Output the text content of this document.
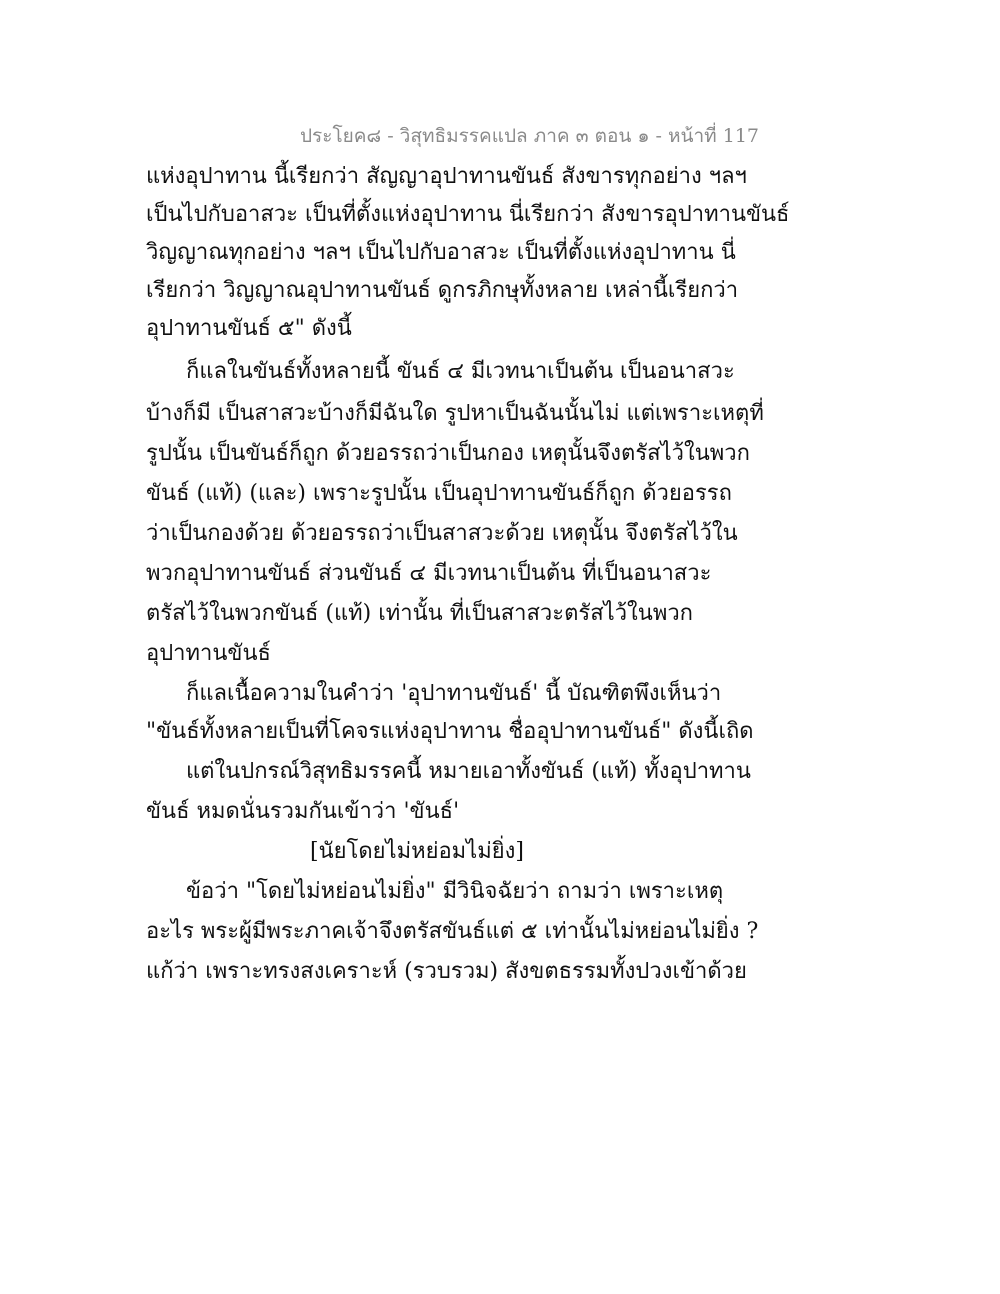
ประโยค๘ - วิสุทธิมรรคแปล ภาค ๓ ตอน ๑ - หน้าที่ 117
แห่งอุปาทาน นี้เรียกว่า สัญญาอุปาทานขันธ์ สังขารทุกอย่าง ฯลฯ
เป็นไปกับอาสวะ เป็นที่ตั้งแห่งอุปาทาน นี่เรียกว่า สังขารอุปาทานขันธ์
วิญญาณทุกอย่าง ฯลฯ เป็นไปกับอาสวะ เป็นที่ตั้งแห่งอุปาทาน นี่
เรียกว่า วิญญาณอุปาทานขันธ์ ดูกรภิกษุทั้งหลาย เหล่านี้เรียกว่า
อุปาทานขันธ์ ๕" ดังนี้
ก็แลในขันธ์ทั้งหลายนี้ ขันธ์ ๔ มีเวทนาเป็นต้น เป็นอนาสวะ
บ้างก็มี เป็นสาสวะบ้างก็มีฉันใด รูปหาเป็นฉันนั้นไม่ แต่เพราะเหตุที่
รูปนั้น เป็นขันธ์ก็ถูก ด้วยอรรถว่าเป็นกอง เหตุนั้นจึงตรัสไว้ในพวก
ขันธ์ (แท้) (และ) เพราะรูปนั้น เป็นอุปาทานขันธ์ก็ถูก ด้วยอรรถ
ว่าเป็นกองด้วย ด้วยอรรถว่าเป็นสาสวะด้วย เหตุนั้น จึงตรัสไว้ใน
พวกอุปาทานขันธ์ ส่วนขันธ์ ๔ มีเวทนาเป็นต้น ที่เป็นอนาสวะ
ตรัสไว้ในพวกขันธ์ (แท้) เท่านั้น ที่เป็นสาสวะตรัสไว้ในพวก
อุปาทานขันธ์
ก็แลเนื้อความในคำว่า 'อุปาทานขันธ์' นี้ บัณฑิตพึงเห็นว่า
"ขันธ์ทั้งหลายเป็นที่โคจรแห่งอุปาทาน ชื่ออุปาทานขันธ์" ดังนี้เถิด
แต่ในปกรณ์วิสุทธิมรรคนี้ หมายเอาทั้งขันธ์ (แท้) ทั้งอุปาทาน
ขันธ์ หมดนั่นรวมกันเข้าว่า 'ขันธ์'
[นัยโดยไม่หย่อมไม่ยิ่ง]
ข้อว่า "โดยไม่หย่อนไม่ยิ่ง" มีวินิจฉัยว่า ถามว่า เพราะเหตุ
อะไร พระผู้มีพระภาคเจ้าจึงตรัสขันธ์แต่ ๕ เท่านั้นไม่หย่อนไม่ยิ่ง ?
แก้ว่า เพราะทรงสงเคราะห์ (รวบรวม) สังขตธรรมทั้งปวงเข้าด้วย
